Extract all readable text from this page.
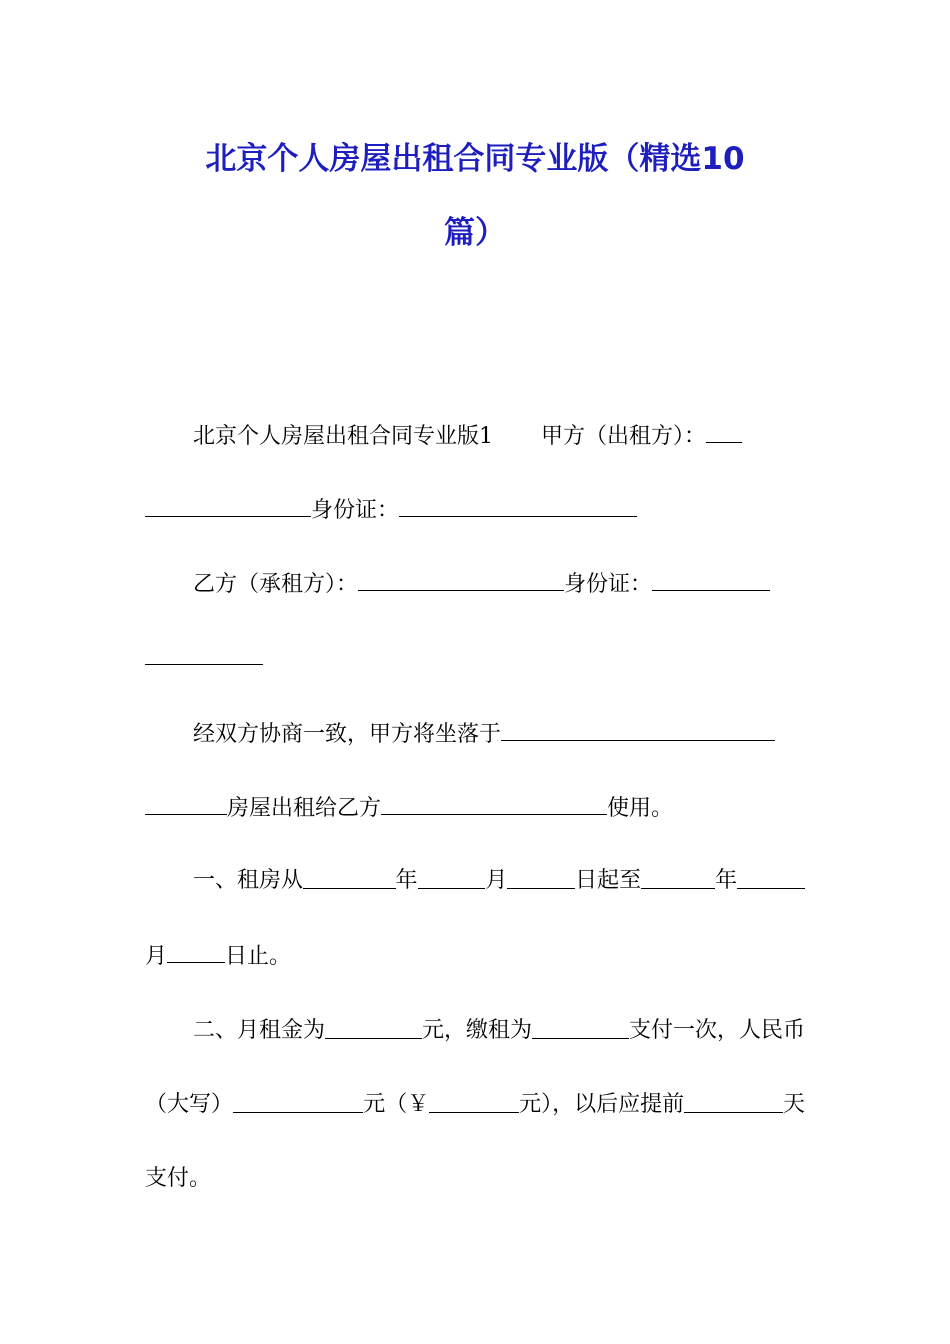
北京个人房屋出租合同专业版（精选10
篇）
北京个人房屋出租合同专业版1 甲方（出租方）：
身份证：
乙方（承租方）：	身份证：
经双方协商一致，甲方将坐落于
房屋出租给乙方	使用。
一、租房从	年	月	日起至	年
月	日止。
二、月租金为	元，缴租为	支付一次，人民币
（大写）	元（￥	元），以后应提前	天
支付。
